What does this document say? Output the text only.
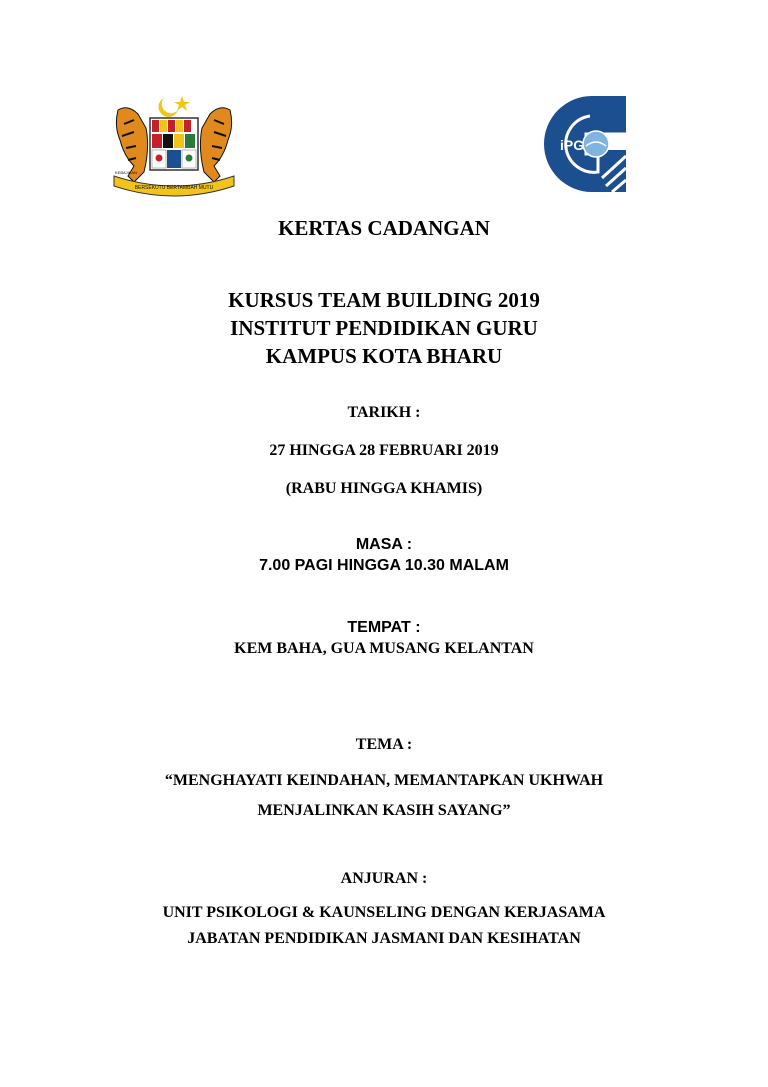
BERSEKUTU BERTAMBAH MUTU
KEBAJIKAN
iPG
KERTAS CADANGAN
KURSUS TEAM BUILDING 2019
INSTITUT PENDIDIKAN GURU
KAMPUS KOTA BHARU
TARIKH :
27 HINGGA 28 FEBRUARI 2019
(RABU HINGGA KHAMIS)
MASA :
7.00 PAGI HINGGA 10.30 MALAM
TEMPAT :
KEM BAHA, GUA MUSANG KELANTAN
TEMA :
“MENGHAYATI KEINDAHAN, MEMANTAPKAN UKHWAH
MENJALINKAN KASIH SAYANG”
ANJURAN :
UNIT PSIKOLOGI & KAUNSELING DENGAN KERJASAMA
JABATAN PENDIDIKAN JASMANI DAN KESIHATAN
